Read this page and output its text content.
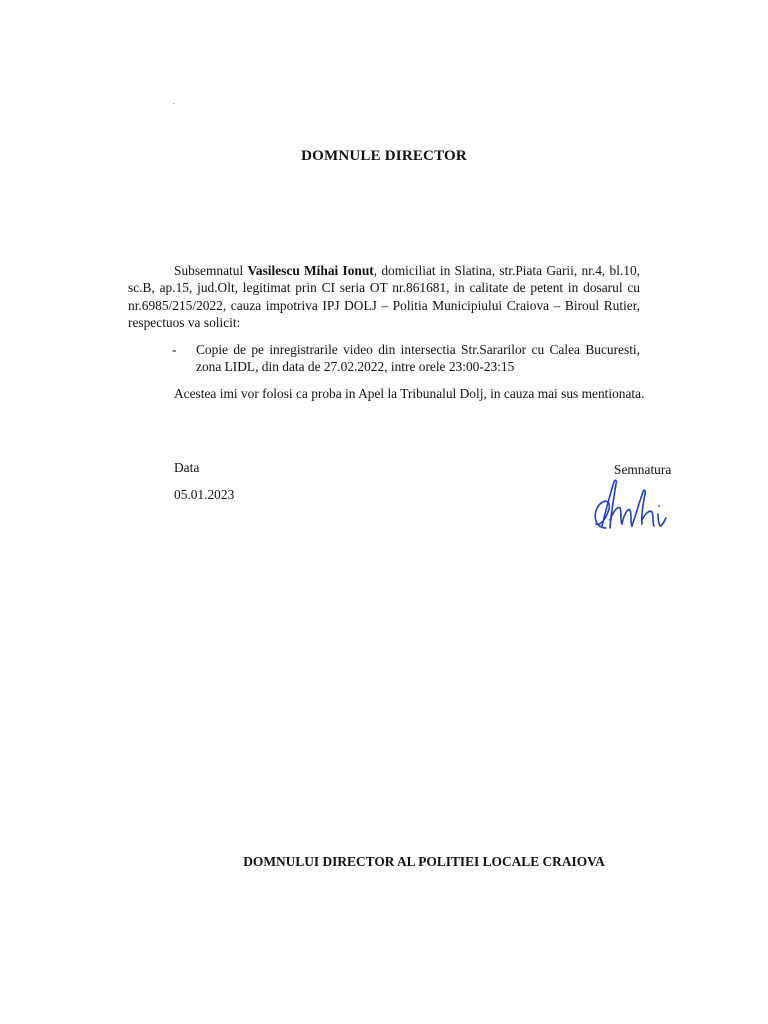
DOMNULE DIRECTOR
Subsemnatul Vasilescu Mihai Ionut, domiciliat in Slatina, str.Piata Garii, nr.4, bl.10, sc.B, ap.15, jud.Olt, legitimat prin CI seria OT nr.861681, in calitate de petent in dosarul cu nr.6985/215/2022, cauza impotriva IPJ DOLJ – Politia Municipiului Craiova – Biroul Rutier, respectuos va solicit:
- Copie de pe inregistrarile video din intersectia Str.Sararilor cu Calea Bucuresti, zona LIDL, din data de 27.02.2022, intre orele 23:00-23:15
Acestea imi vor folosi ca proba in Apel la Tribunalul Dolj, in cauza mai sus mentionata.
Data
05.01.2023
Semnatura
DOMNULUI DIRECTOR AL POLITIEI LOCALE CRAIOVA
